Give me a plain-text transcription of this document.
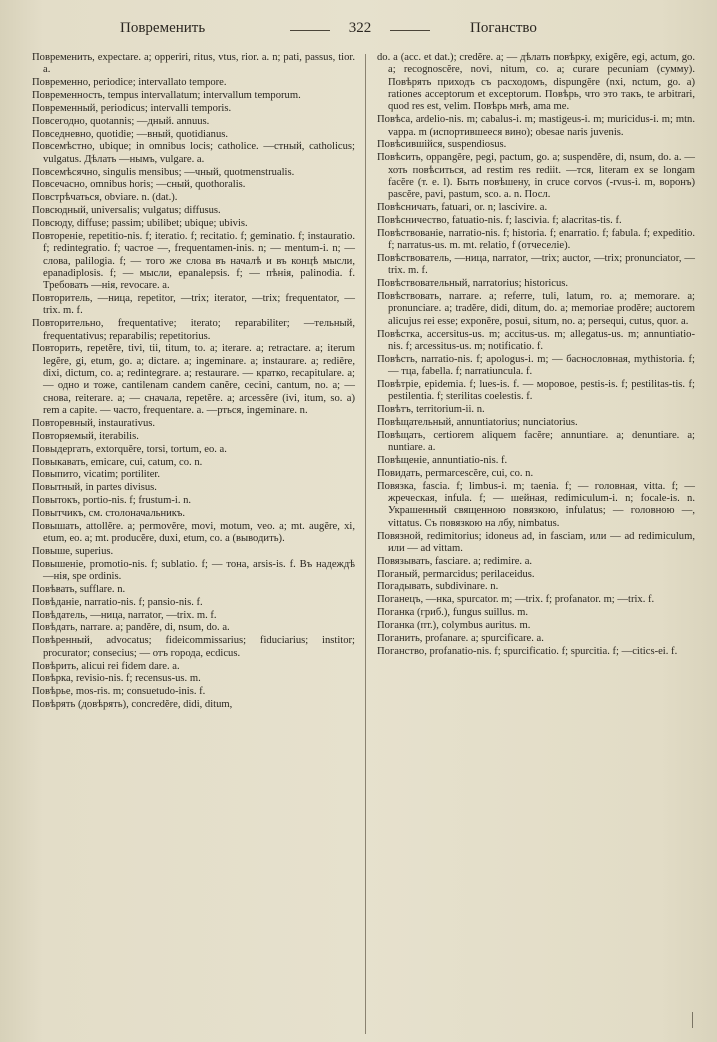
Повременить	322	Поганство

Повременить, expectare. a; opperiri, ritus, vtus, rior. a. n; pati, passus, tior. a.

Повременно, periodice; intervallato tempore.

Повременность, tempus intervallatum; intervallum temporum.

Повременный, periodicus; intervalli temporis.

Повсегодно, quotannis; —дный. annuus.

Повседневно, quotidie; —вный, quotidianus.

Повсемѣстно, ubique; in omnibus locis; catholice. —стный, catholicus; vulgatus. Дѣлать —нымъ, vulgare. a.

Повсемѣсячно, singulis mensibus; —чный, quotmenstrualis.

Повсечасно, omnibus horis; —сный, quothoralis.

Повстрѣчаться, obviare. n. (dat.).

Повсюдный, universalis; vulgatus; diffusus.

Повсюду, diffuse; passim; ubilibet; ubique; ubivis.

Повтореніе, repetitio-nis. f; iteratio. f; recitatio. f; geminatio. f; instauratio. f; redintegratio. f; частое —, frequentamen-inis. n; — mentum-i. n; — слова, palilogia. f; — того же слова въ началѣ и въ концѣ мысли, epanadiplosis. f; — мысли, epanalepsis. f; — пѣнія, palinodia. f. Требовать —нія, revocare. a.

Повторитель, —ница, repetitor, —trix; iterator, —trix; frequentator, —trix. m. f.

Повторительно, frequentative; iterato; reparabiliter; —тельный, frequentativus; reparabilis; repetitorius.

Повторить, repetĕre, tivi, tii, titum, to. a; iterare. a; retractare. a; iterum legĕre, gi, etum, go. a; dictare. a; ingeminare. a; instaurare. a; rediĕre, dixi, dictum, co. a; redintegrare. a; restaurare. — кратко, recapitulare. a; — одно и тоже, cantilenam candem canĕre, cecini, cantum, no. a; — снова, reiterare. a; — сначала, repetĕre. a; arcessĕre (ivi, itum, so. a) rem a capite. — часто, frequentare. a. —рться, ingeminare. n.

Повторевный, instaurativus.

Повторяемый, iterabilis.

Повыдергать, extorquĕre, torsi, tortum, eo. a.

Повыкавать, emicare, cui, catum, co. n.

Повыпито, vicatim; portiliter.

Повытный, in partes divisus.

Повытокъ, portio-nis. f; frustum-i. n.

Повытчикъ, см. столоначальникъ.

Повышать, attollĕre. a; permovĕre, movi, motum, veo. a; mt. augĕre, xi, etum, eo. a; mt. producĕre, duxi, etum, co. a (выводить).

Повыше, superius.

Повышеніе, promotio-nis. f; sublatio. f; — тона, arsis-is. f. Въ надеждѣ —нія, spe ordinis.

Повѣвать, sufflare. n.

Повѣданіе, narratio-nis. f; pansio-nis. f.

Повѣдатель, —ница, narrator, —trix. m. f.

Повѣдать, narrare. a; pandĕre, di, nsum, do. a.

Повѣренный, advocatus; fideicommissarius; fiduciarius; institor; procurator; consecius; — отъ города, ecdicus.

Повѣрить, alicui rei fidem dare. a.

Повѣрка, revisio-nis. f; recensus-us. m.

Повѣрье, mos-ris. m; consuetudo-inis. f.

Повѣрять (довѣрять), concredĕre, didi, ditum,

do. a (acc. et dat.); credĕre. a; — дѣлать повѣрку, exigĕre, egi, actum, go. a; recognoscĕre, novi, nitum, co. a; curare pecuniam (сумму). Повѣрять приходъ съ расходомъ, dispungĕre (nxi, nctum, go. a) rationes acceptorum et exceptorum. Повѣрь, что это такъ, te arbitrari, quod res est, velim. Повѣрь мнѣ, ama me.

Повѣса, ardelio-nis. m; cabalus-i. m; mastigeus-i. m; muricidus-i. m; mtn. vappa. m (испортившееся вино); obesae naris juvenis.

Повѣсившійся, suspendiosus.

Повѣсить, oppangĕre, pegi, pactum, go. a; suspendĕre, di, nsum, do. a. — хоть повѣситься, ad restim res rediit. —тся, literam ex se longam facĕre (т. е. l). Быть повѣшену, in cruce corvos (-rvus-i. m, воронъ) pascĕre, pavi, pastum, sco. a. n. Посл.

Повѣсничать, fatuari, or. n; lascivire. a.

Повѣсничество, fatuatio-nis. f; lascivia. f; alacritas-tis. f.

Повѣствованіе, narratio-nis. f; historia. f; enarratio. f; fabula. f; expeditio. f; narratus-us. m. mt. relatio, f (отчеселіе).

Повѣствователь, —ница, narrator, —trix; auctor, —trix; pronunciator, —trix. m. f.

Повѣствовательный, narratorius; historicus.

Повѣствовать, narrare. a; referre, tuli, latum, ro. a; memorare. a; pronunciare. a; tradĕre, didi, ditum, do. a; memoriae prodĕre; auctorem alicujus rei esse; exponĕre, posui, situm, no. a; persequi, cutus, quor. a.

Повѣстка, accersitus-us. m; accitus-us. m; allegatus-us. m; annuntiatio-nis. f; arcessitus-us. m; notificatio. f.

Повѣсть, narratio-nis. f; apologus-i. m; — баснословная, mythistoria. f; — тца, fabella. f; narratiuncula. f.

Повѣтріе, epidemia. f; lues-is. f. — моровое, pestis-is. f; pestilitas-tis. f; pestilentia. f; sterilitas coelestis. f.

Повѣтъ, territorium-ii. n.

Повѣщательный, annuntiatorius; nunciatorius.

Повѣщать, certiorem aliquem facĕre; annuntiare. a; denuntiare. a; nuntiare. a.

Повѣщеніе, annuntiatio-nis. f.

Повидать, permarcescĕre, cui, co. n.

Повязка, fascia. f; limbus-i. m; taenia. f; — головная, vitta. f; — жреческая, infula. f; — шейная, redimiculum-i. n; focale-is. n. Украшенный священною повязкою, infulatus; — головною —, vittatus. Съ повязкою на лбу, nimbatus.

Повязной, redimitorius; idoneus ad, in fasciam, или — ad redimiculum, или — ad vittam.

Повязывать, fasciare. a; redimire. a.

Поганый, permarcidus; perilaceidus.

Погадывать, subdivinare. n.

Поганецъ, —нка, spurcator. m; —trix. f; profanator. m; —trix. f.

Поганка (гриб.), fungus suillus. m.

Поганка (пт.), colymbus auritus. m.

Поганить, profanare. a; spurcificare. a.

Поганство, profanatio-nis. f; spurcificatio. f; spurcitia. f; —citics-ei. f.
